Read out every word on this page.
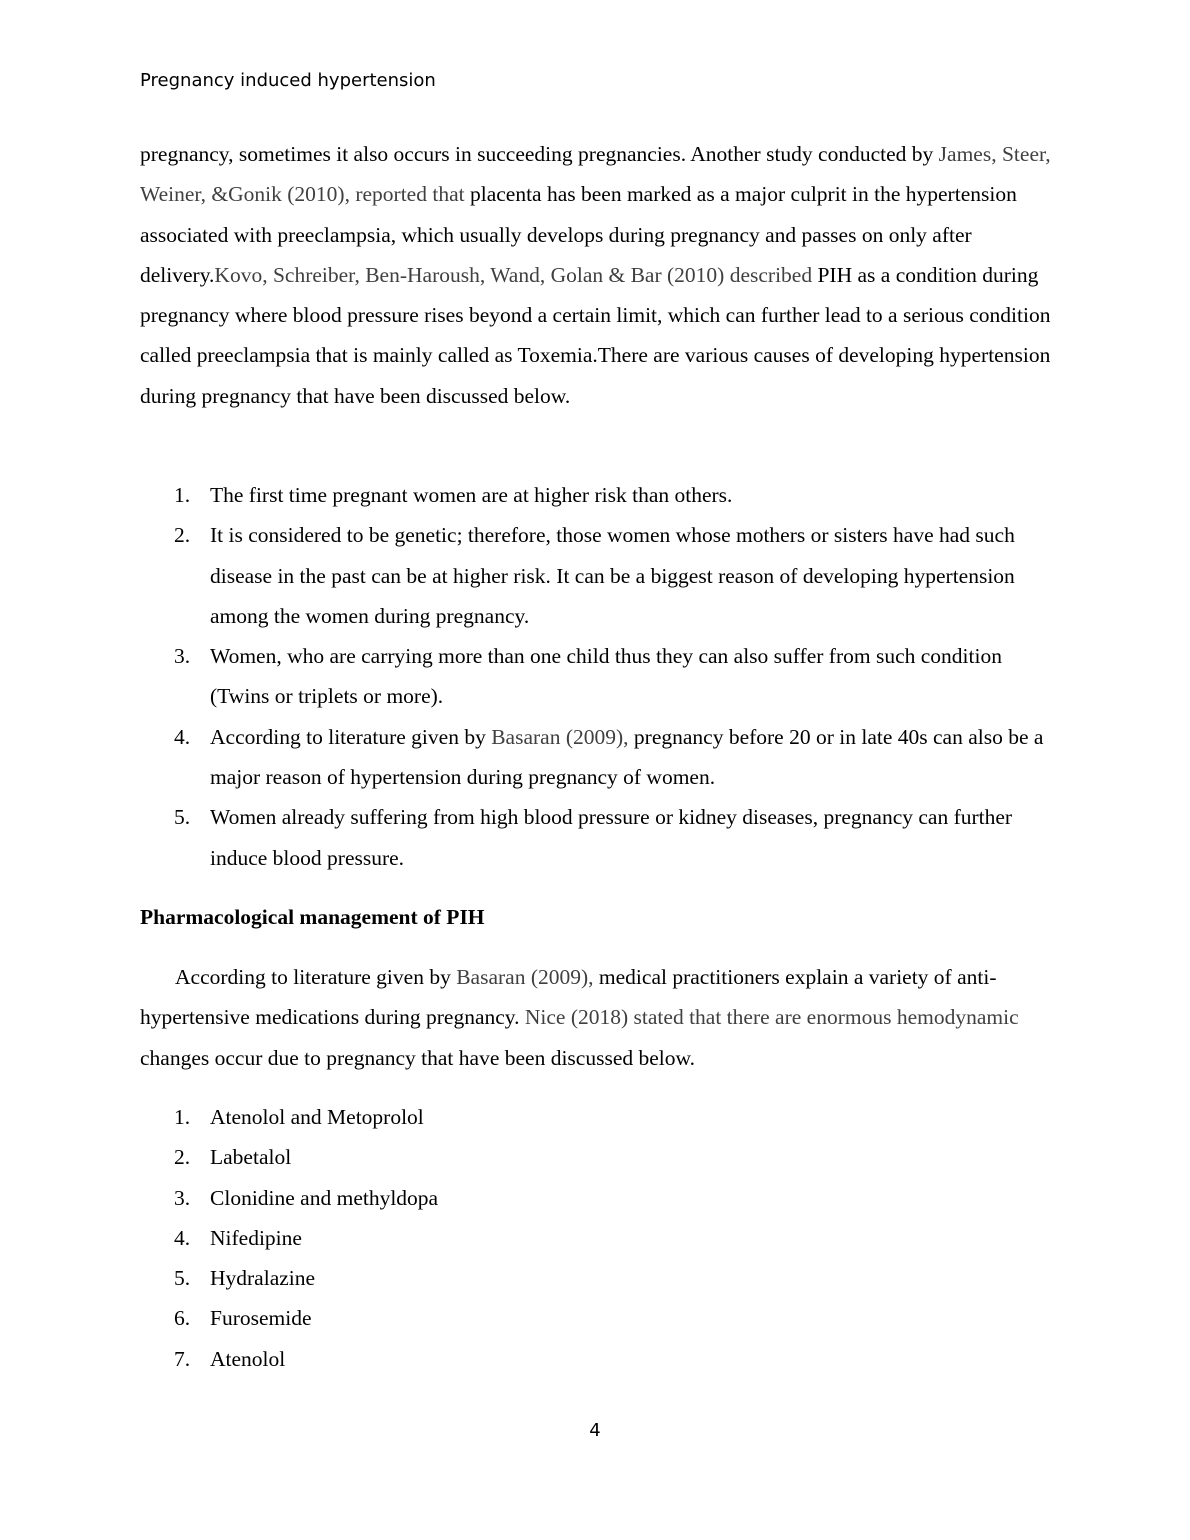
Pregnancy induced hypertension

pregnancy, sometimes it also occurs in succeeding pregnancies. Another study conducted by James, Steer, Weiner, &Gonik (2010), reported that placenta has been marked as a major culprit in the hypertension associated with preeclampsia, which usually develops during pregnancy and passes on only after delivery.Kovo, Schreiber, Ben-Haroush, Wand, Golan & Bar (2010) described PIH as a condition during pregnancy where blood pressure rises beyond a certain limit, which can further lead to a serious condition called preeclampsia that is mainly called as Toxemia.There are various causes of developing hypertension during pregnancy that have been discussed below.

1. The first time pregnant women are at higher risk than others.
2. It is considered to be genetic; therefore, those women whose mothers or sisters have had such disease in the past can be at higher risk. It can be a biggest reason of developing hypertension among the women during pregnancy.
3. Women, who are carrying more than one child thus they can also suffer from such condition (Twins or triplets or more).
4. According to literature given by Basaran (2009), pregnancy before 20 or in late 40s can also be a major reason of hypertension during pregnancy of women.
5. Women already suffering from high blood pressure or kidney diseases, pregnancy can further induce blood pressure.
Pharmacological management of PIH

According to literature given by Basaran (2009), medical practitioners explain a variety of anti-hypertensive medications during pregnancy. Nice (2018) stated that there are enormous hemodynamic changes occur due to pregnancy that have been discussed below.

1. Atenolol and Metoprolol
2. Labetalol
3. Clonidine and methyldopa
4. Nifedipine
5. Hydralazine
6. Furosemide
7. Atenolol
4
